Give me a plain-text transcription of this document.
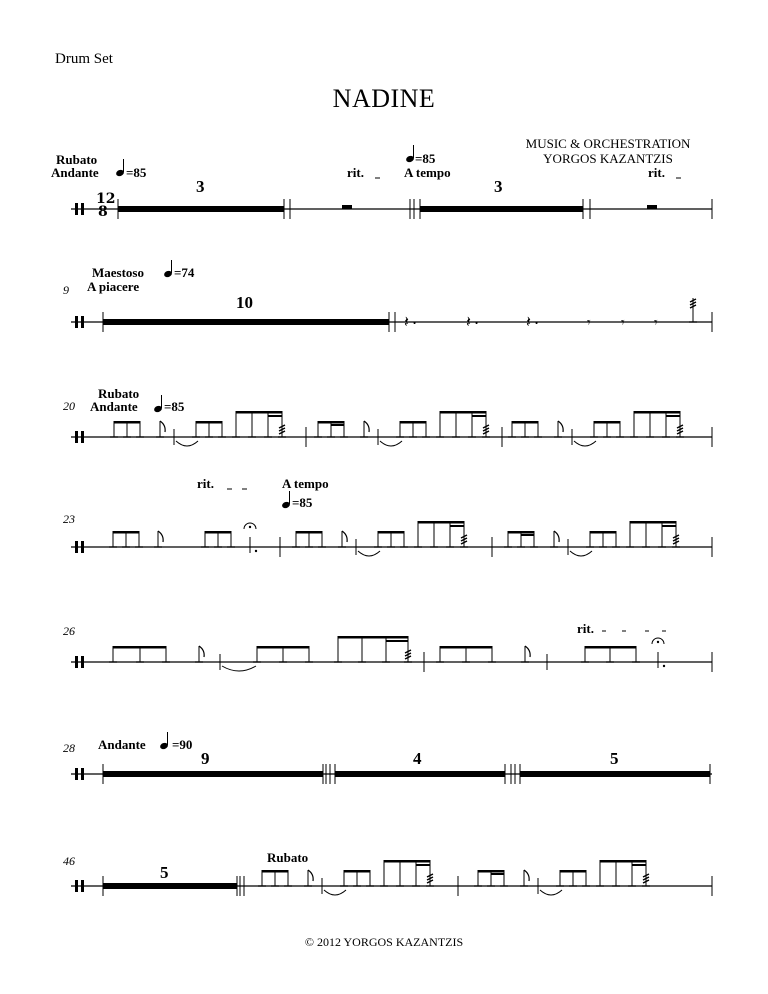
Drum Set
NADINE
MUSIC & ORCHESTRATION
YORGOS KAZANTZIS
Rubato
Andante =85
3
rit.
=85
A tempo
3
rit.
Maestoso =74
9 A piacere
10
Rubato
20 Andante =85
rit.	A tempo
=85
23
26	rit.
28 Andante =90
9	4	5
46
5
Rubato
© 2012 YORGOS KAZANTZIS
12
8
𝄽 .	𝄽 .	𝄽 .	𝄾 𝄾 𝄾
